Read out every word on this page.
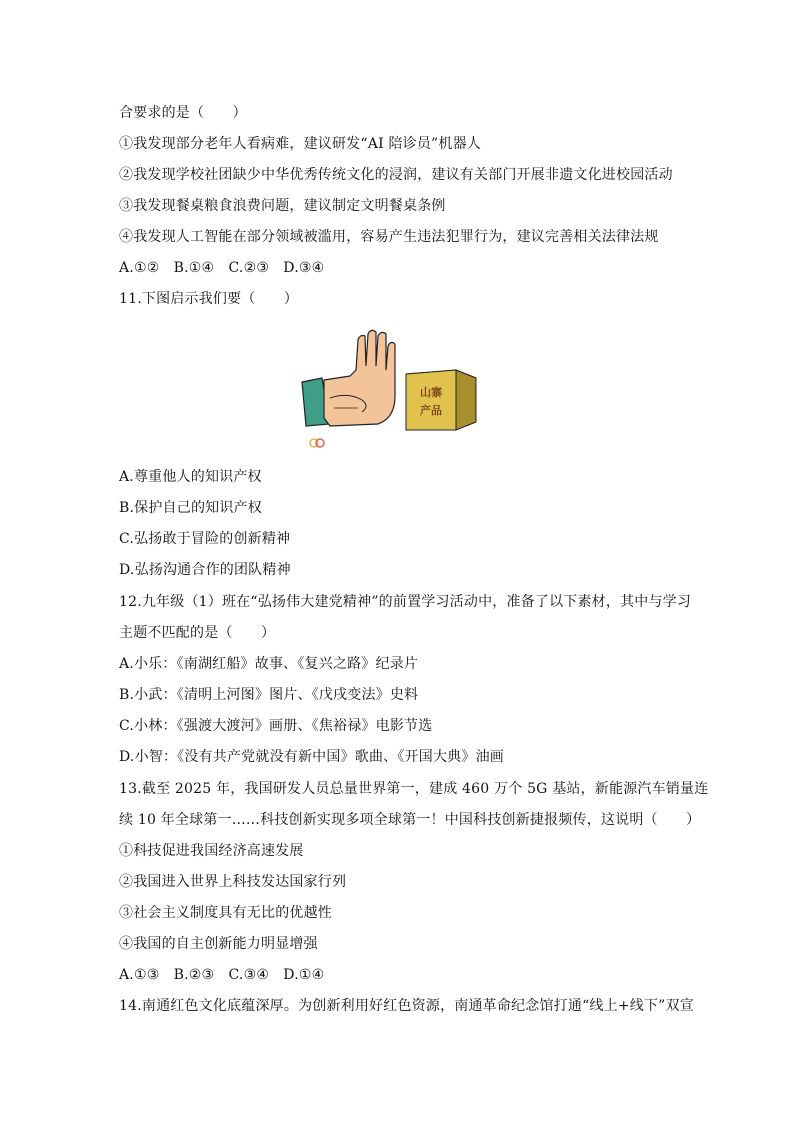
合要求的是（　　）
①我发现部分老年人看病难，建议研发“AI 陪诊员”机器人
②我发现学校社团缺少中华优秀传统文化的浸润，建议有关部门开展非遗文化进校园活动
③我发现餐桌粮食浪费问题，建议制定文明餐桌条例
④我发现人工智能在部分领域被滥用，容易产生违法犯罪行为，建议完善相关法律法规
A.①②　B.①④　C.②③　D.③④
11.下图启示我们要（　　）
山寨
产品
A.尊重他人的知识产权
B.保护自己的知识产权
C.弘扬敢于冒险的创新精神
D.弘扬沟通合作的团队精神
12.九年级（1）班在“弘扬伟大建党精神”的前置学习活动中，准备了以下素材，其中与学习
主题不匹配的是（　　）
A.小乐：《南湖红船》故事、《复兴之路》纪录片
B.小武：《清明上河图》图片、《戊戌变法》史料
C.小林：《强渡大渡河》画册、《焦裕禄》电影节选
D.小智：《没有共产党就没有新中国》歌曲、《开国大典》油画
13.截至 2025 年，我国研发人员总量世界第一，建成 460 万个 5G 基站，新能源汽车销量连
续 10 年全球第一……科技创新实现多项全球第一！中国科技创新捷报频传，这说明（　　）
①科技促进我国经济高速发展
②我国进入世界上科技发达国家行列
③社会主义制度具有无比的优越性
④我国的自主创新能力明显增强
A.①③　B.②③　C.③④　D.①④
14.南通红色文化底蕴深厚。为创新利用好红色资源，南通革命纪念馆打通“线上+线下”双宣
